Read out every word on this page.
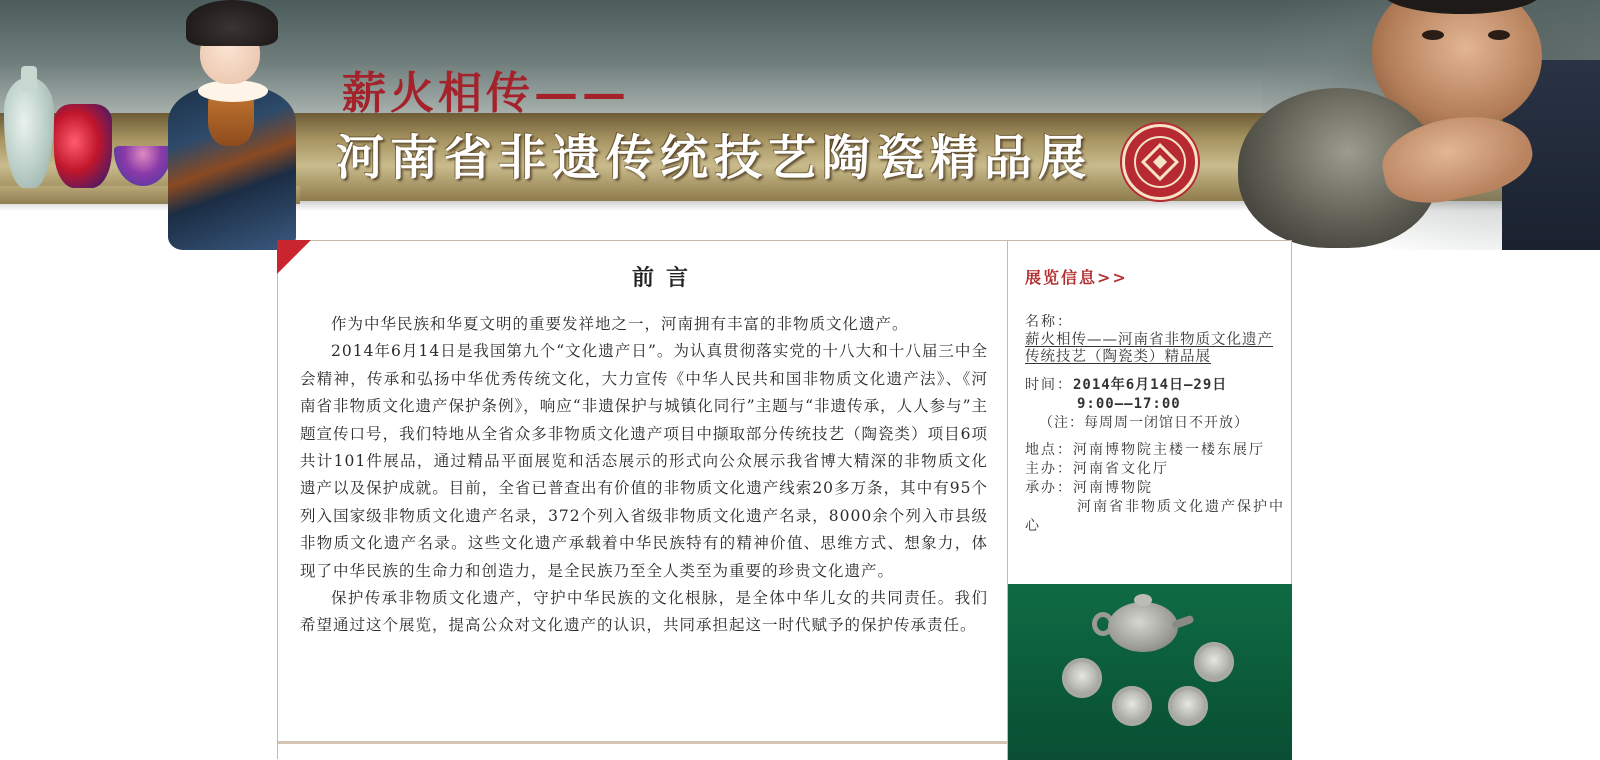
薪火相传——
河南省非遗传统技艺陶瓷精品展
前言

作为中华民族和华夏文明的重要发祥地之一，河南拥有丰富的非物质文化遗产。

2014年6月14日是我国第九个“文化遗产日”。为认真贯彻落实党的十八大和十八届三中全会精神，传承和弘扬中华优秀传统文化，大力宣传《中华人民共和国非物质文化遗产法》、《河南省非物质文化遗产保护条例》，响应“非遗保护与城镇化同行”主题与“非遗传承，人人参与”主题宣传口号，我们特地从全省众多非物质文化遗产项目中撷取部分传统技艺（陶瓷类）项目6项共计101件展品，通过精品平面展览和活态展示的形式向公众展示我省博大精深的非物质文化遗产以及保护成就。目前，全省已普查出有价值的非物质文化遗产线索20多万条，其中有95个列入国家级非物质文化遗产名录，372个列入省级非物质文化遗产名录，8000余个列入市县级非物质文化遗产名录。这些文化遗产承载着中华民族特有的精神价值、思维方式、想象力，体现了中华民族的生命力和创造力，是全民族乃至全人类至为重要的珍贵文化遗产。

保护传承非物质文化遗产，守护中华民族的文化根脉，是全体中华儿女的共同责任。我们希望通过这个展览，提高公众对文化遗产的认识，共同承担起这一时代赋予的保护传承责任。

展览信息>>

名称：

薪火相传——河南省非物质文化遗产传统技艺（陶瓷类）精品展

时间：2014年6月14日—29日

9:00——17:00

（注：每周周一闭馆日不开放）

地点：河南博物院主楼一楼东展厅

主办：河南省文化厅

承办：河南博物院

河南省非物质文化遗产保护中心
